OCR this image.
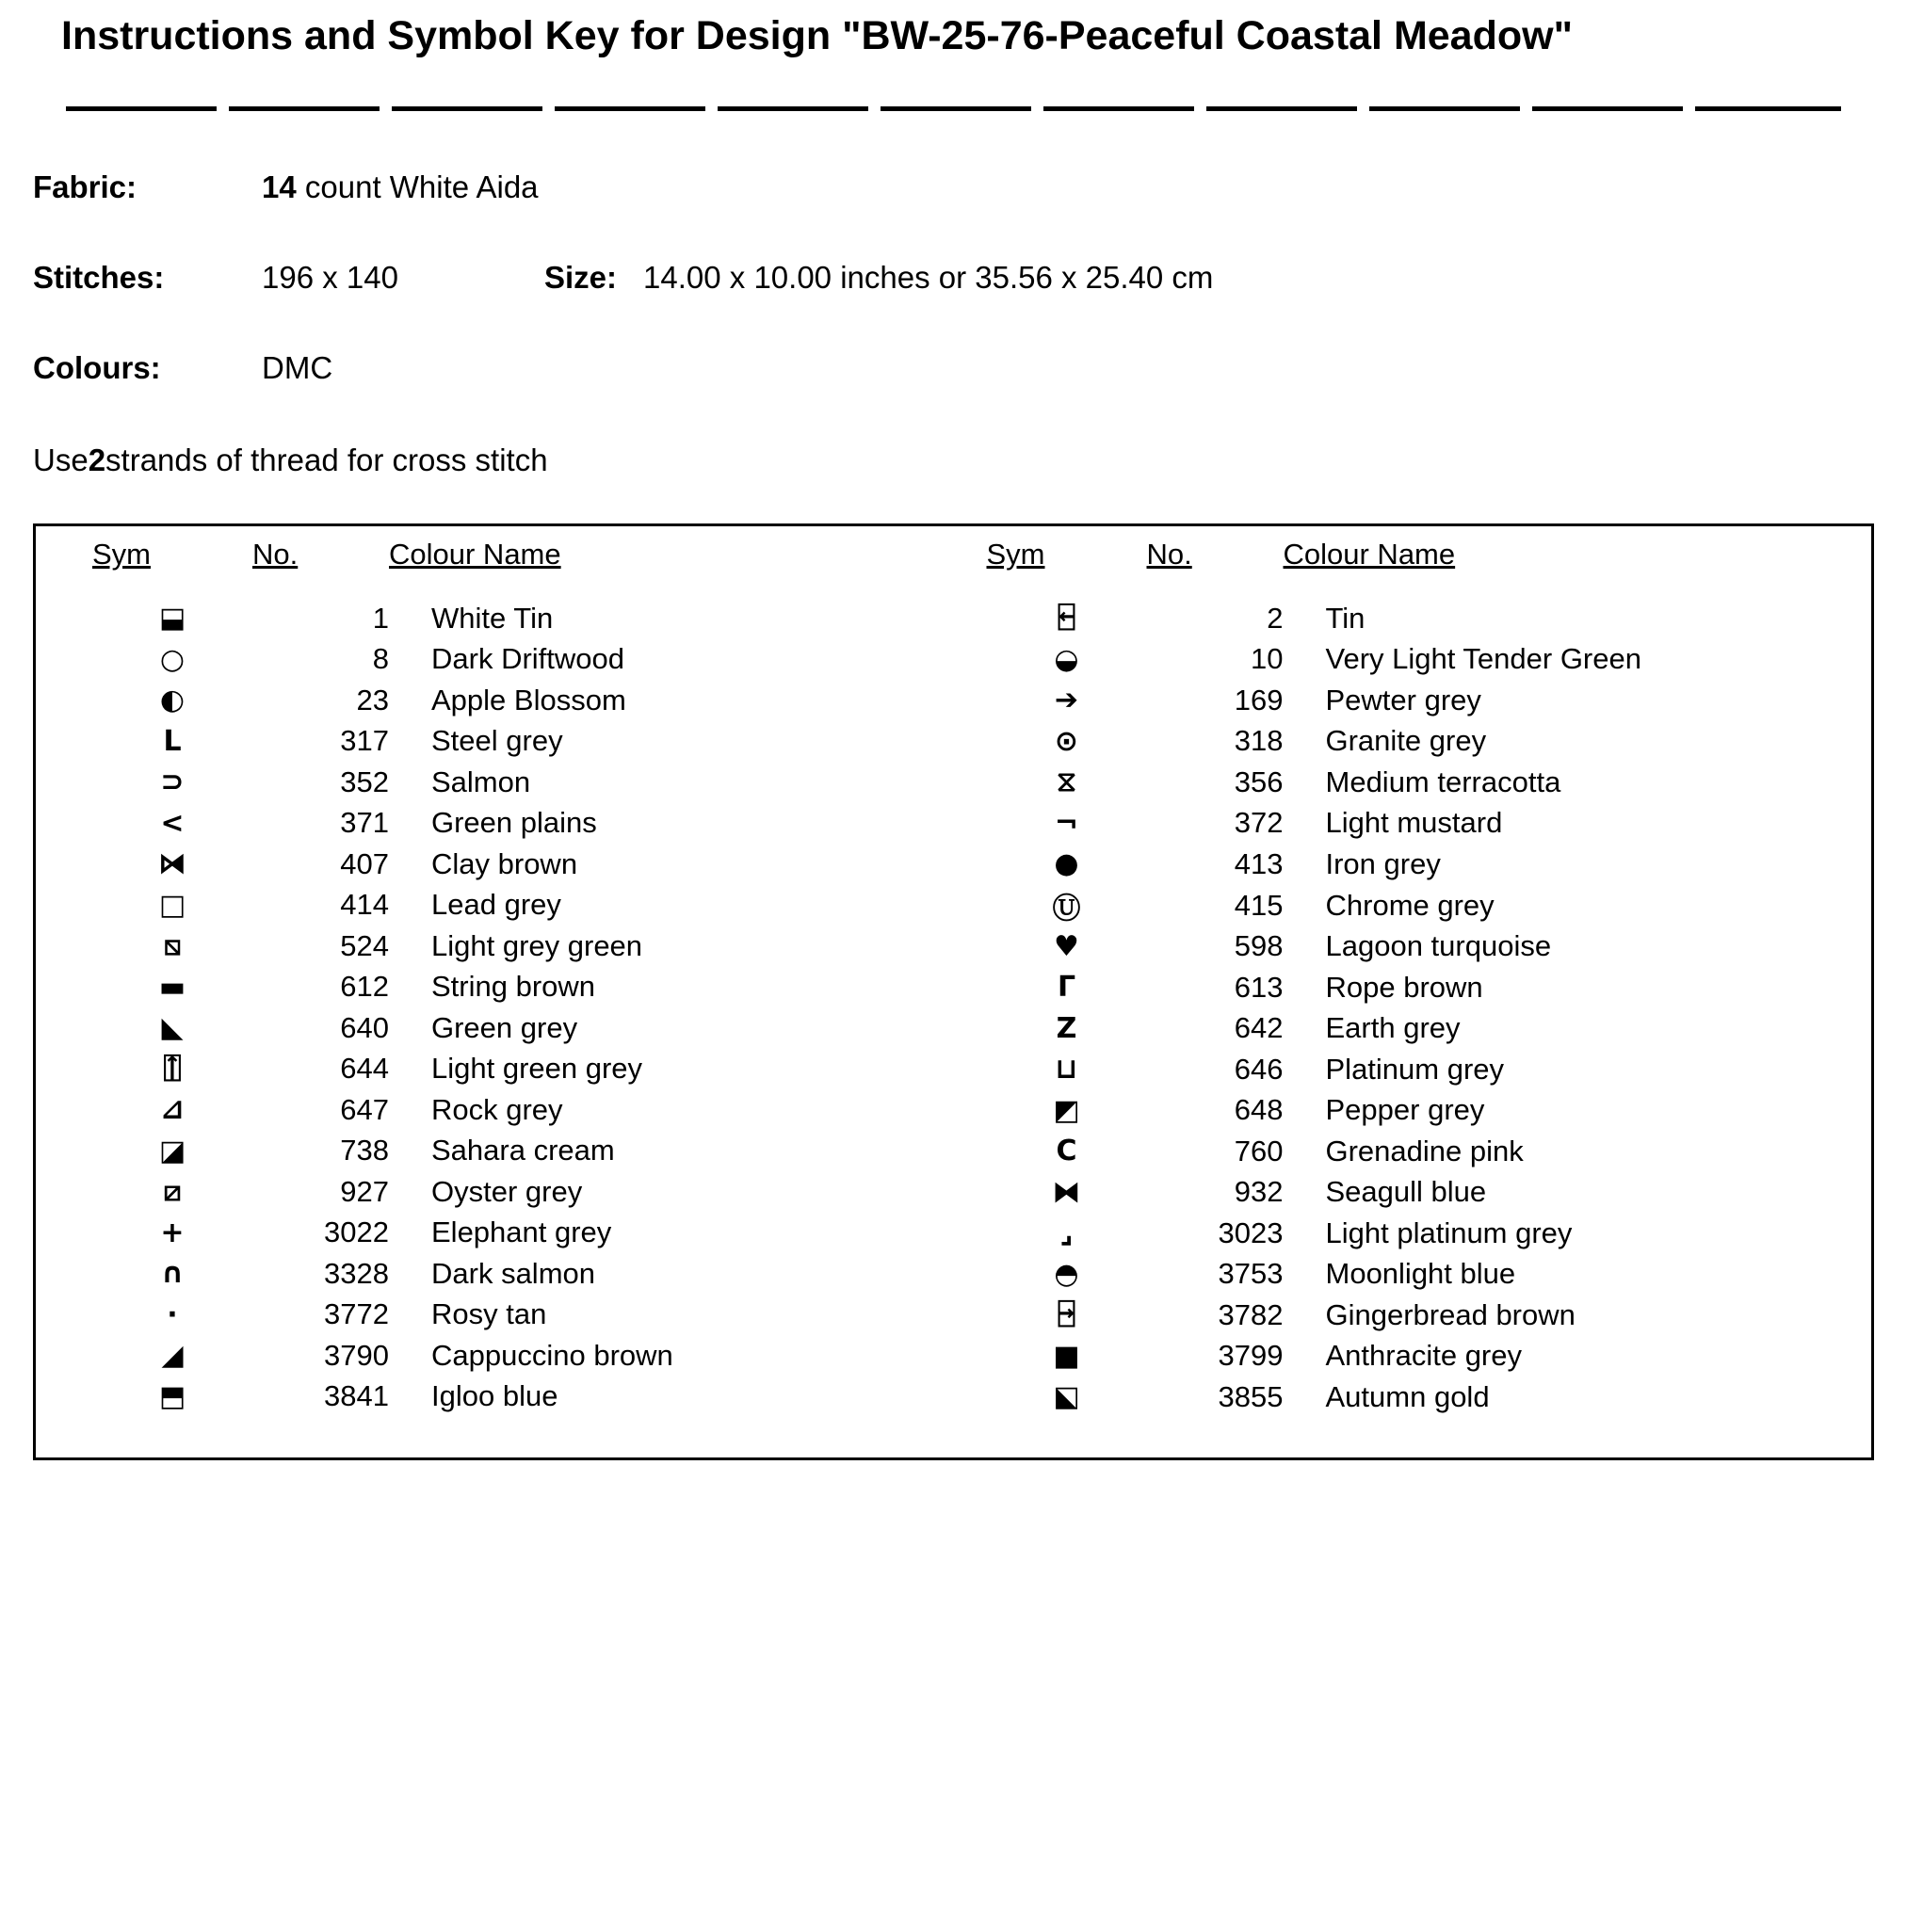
Instructions and Symbol Key for Design "BW-25-76-Peaceful Coastal Meadow"
Fabric:	14 count White Aida
Stitches:	196 x 140	Size: 14.00 x 10.00 inches or 35.56 x 25.40 cm
Colours:	DMC
Use 2 strands of thread for cross stitch
Sym	No.	Colour Name
⬓	1	White Tin
○	8	Dark Driftwood
◐	23	Apple Blossom
L	317	Steel grey
⊃	352	Salmon
<	371	Green plains
⧒	407	Clay brown
□	414	Lead grey
⧅	524	Light grey green
▬	612	String brown
◣	640	Green grey
⍐	644	Light green grey
⊿	647	Rock grey
◪	738	Sahara cream
⧄	927	Oyster grey
+	3022	Elephant grey
∩	3328	Dark salmon
·	3772	Rosy tan
◢	3790	Cappuccino brown
⬒	3841	Igloo blue
Sym	No.	Colour Name
⍇	2	Tin
◒	10	Very Light Tender Green
➔	169	Pewter grey
⊙	318	Granite grey
⧖	356	Medium terracotta
¬	372	Light mustard
●	413	Iron grey
Ⓤ	415	Chrome grey
♥	598	Lagoon turquoise
Γ	613	Rope brown
Z	642	Earth grey
⊔	646	Platinum grey
◩	648	Pepper grey
C	760	Grenadine pink
⧓	932	Seagull blue
⌟	3023	Light platinum grey
◓	3753	Moonlight blue
⍈	3782	Gingerbread brown
■	3799	Anthracite grey
⬕	3855	Autumn gold
